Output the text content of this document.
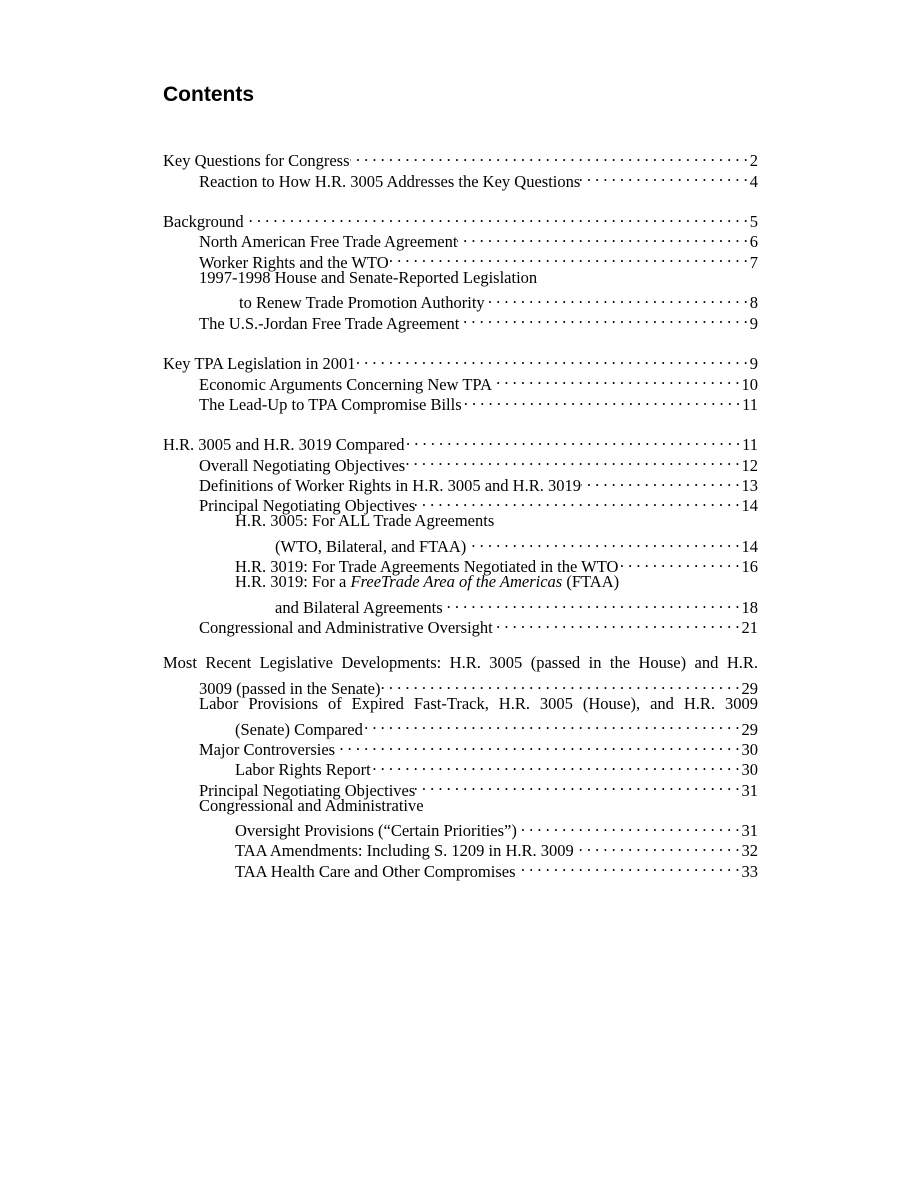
Contents
Key Questions for Congress . . .	2
Reaction to How H.R. 3005 Addresses the Key Questions . . .	4
Background . . .	5
North American Free Trade Agreement . . .	6
Worker Rights and the WTO . . .	7
1997-1998 House and Senate-Reported Legislation
to Renew Trade Promotion Authority . . .	8
The U.S.-Jordan Free Trade Agreement . . .	9
Key TPA Legislation in 2001 . . .	9
Economic Arguments Concerning New TPA . . .	10
The Lead-Up to TPA Compromise Bills . . .	11
H.R. 3005 and H.R. 3019 Compared . . .	11
Overall Negotiating Objectives . . .	12
Definitions of Worker Rights in H.R. 3005 and H.R. 3019 . . .	13
Principal Negotiating Objectives . . .	14
H.R. 3005: For ALL Trade Agreements
(WTO, Bilateral, and FTAA) . . .	14
H.R. 3019: For Trade Agreements Negotiated in the WTO . . .	16
H.R. 3019: For a FreeTrade Area of the Americas (FTAA)
and Bilateral Agreements . . .	18
Congressional and Administrative Oversight . . .	21
Most Recent Legislative Developments: H.R. 3005 (passed in the House) and H.R.
3009 (passed in the Senate) . . .	29
Labor Provisions of Expired Fast-Track, H.R. 3005 (House), and H.R. 3009
(Senate) Compared . . .	29
Major Controversies . . .	30
Labor Rights Report . . .	30
Principal Negotiating Objectives . . .	31
Congressional and Administrative
Oversight Provisions (“Certain Priorities”) . . .	31
TAA Amendments: Including S. 1209 in H.R. 3009 . . .	32
TAA Health Care and Other Compromises . . .	33
